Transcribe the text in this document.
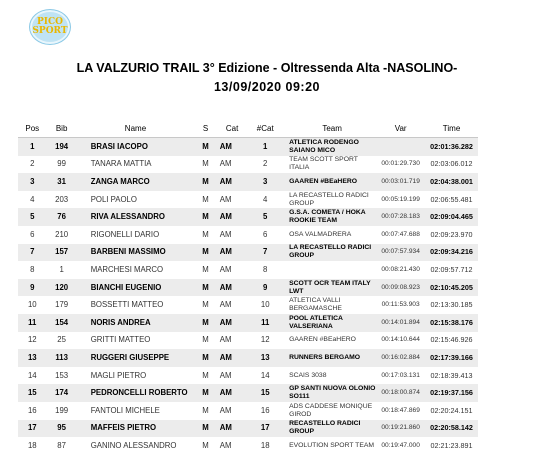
PICO
SPORT
LA VALZURIO TRAIL 3° Edizione - Oltressenda Alta -NASOLINO-
13/09/2020 09:20
Pos	Bib	Name	S	Cat	#Cat	Team	Var	Time
1	194	BRASI IACOPO	M	AM	1	ATLETICA RODENGO SAIANO MICO		02:01:36.282
2	99	TANARA MATTIA	M	AM	2	TEAM SCOTT SPORT ITALIA	00:01:29.730	02:03:06.012
3	31	ZANGA MARCO	M	AM	3	GAAREN #BEaHERO	00:03:01.719	02:04:38.001
4	203	POLI PAOLO	M	AM	4	LA RECASTELLO RADICI GROUP	00:05:19.199	02:06:55.481
5	76	RIVA ALESSANDRO	M	AM	5	G.S.A. COMETA / HOKA ROOKIE TEAM	00:07:28.183	02:09:04.465
6	210	RIGONELLI DARIO	M	AM	6	OSA VALMADRERA	00:07:47.688	02:09:23.970
7	157	BARBENI MASSIMO	M	AM	7	LA RECASTELLO RADICI GROUP	00:07:57.934	02:09:34.216
8	1	MARCHESI MARCO	M	AM	8		00:08:21.430	02:09:57.712
9	120	BIANCHI EUGENIO	M	AM	9	SCOTT OCR TEAM ITALY LWT	00:09:08.923	02:10:45.205
10	179	BOSSETTI MATTEO	M	AM	10	ATLETICA VALLI BERGAMASCHE	00:11:53.903	02:13:30.185
11	154	NORIS ANDREA	M	AM	11	POOL ATLETICA VALSERIANA	00:14:01.894	02:15:38.176
12	25	GRITTI MATTEO	M	AM	12	GAAREN #BEaHERO	00:14:10.644	02:15:46.926
13	113	RUGGERI GIUSEPPE	M	AM	13	RUNNERS BERGAMO	00:16:02.884	02:17:39.166
14	153	MAGLI PIETRO	M	AM	14	SCAIS 3038	00:17:03.131	02:18:39.413
15	174	PEDRONCELLI ROBERTO	M	AM	15	GP SANTI NUOVA OLONIO SO111	00:18:00.874	02:19:37.156
16	199	FANTOLI MICHELE	M	AM	16	ADS CADDESE MONIQUE GIROD	00:18:47.869	02:20:24.151
17	95	MAFFEIS PIETRO	M	AM	17	RECASTELLO RADICI GROUP	00:19:21.860	02:20:58.142
18	87	GANINO ALESSANDRO	M	AM	18	EVOLUTION SPORT TEAM	00:19:47.000	02:21:23.891
